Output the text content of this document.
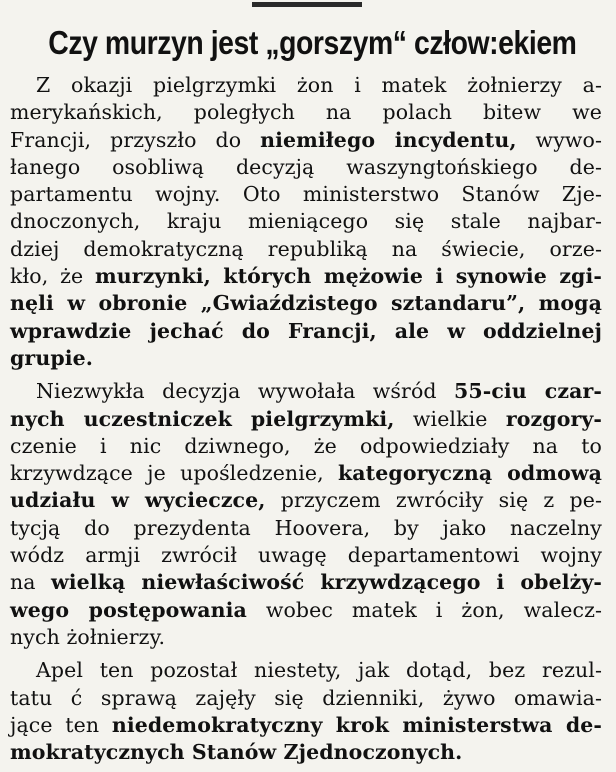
Czy murzyn jest „gorszym“ człow:ekiem
Z okazji pielgrzymki żon i matek żołnierzy a-
merykańskich, poległych na polach bitew we
Francji, przyszło do niemiłego incydentu, wywo-
łanego osobliwą decyzją waszyngtońskiego de-
partamentu wojny. Oto ministerstwo Stanów Zje-
dnoczonych, kraju mieniącego się stale najbar-
dziej demokratyczną republiką na świecie, orze-
kło, że murzynki, których mężowie i synowie zgi-
nęli w obronie „Gwiaździstego sztandaru”, mogą
wprawdzie jechać do Francji, ale w oddzielnej
grupie.
Niezwykła decyzja wywołała wśród 55-ciu czar-
nych uczestniczek pielgrzymki, wielkie rozgory-
czenie i nic dziwnego, że odpowiedziały na to
krzywdzące je upośledzenie, kategoryczną odmową
udziału w wycieczce, przyczem zwróciły się z pe-
tycją do prezydenta Hoovera, by jako naczelny
wódz armji zwrócił uwagę departamentowi wojny
na wielką niewłaściwość krzywdzącego i obelży-
wego postępowania wobec matek i żon, walecz-
nych żołnierzy.
Apel ten pozostał niestety, jak dotąd, bez rezul-
tatu ć sprawą zajęły się dzienniki, żywo omawia-
jące ten niedemokratyczny krok ministerstwa de-
mokratycznych Stanów Zjednoczonych.
